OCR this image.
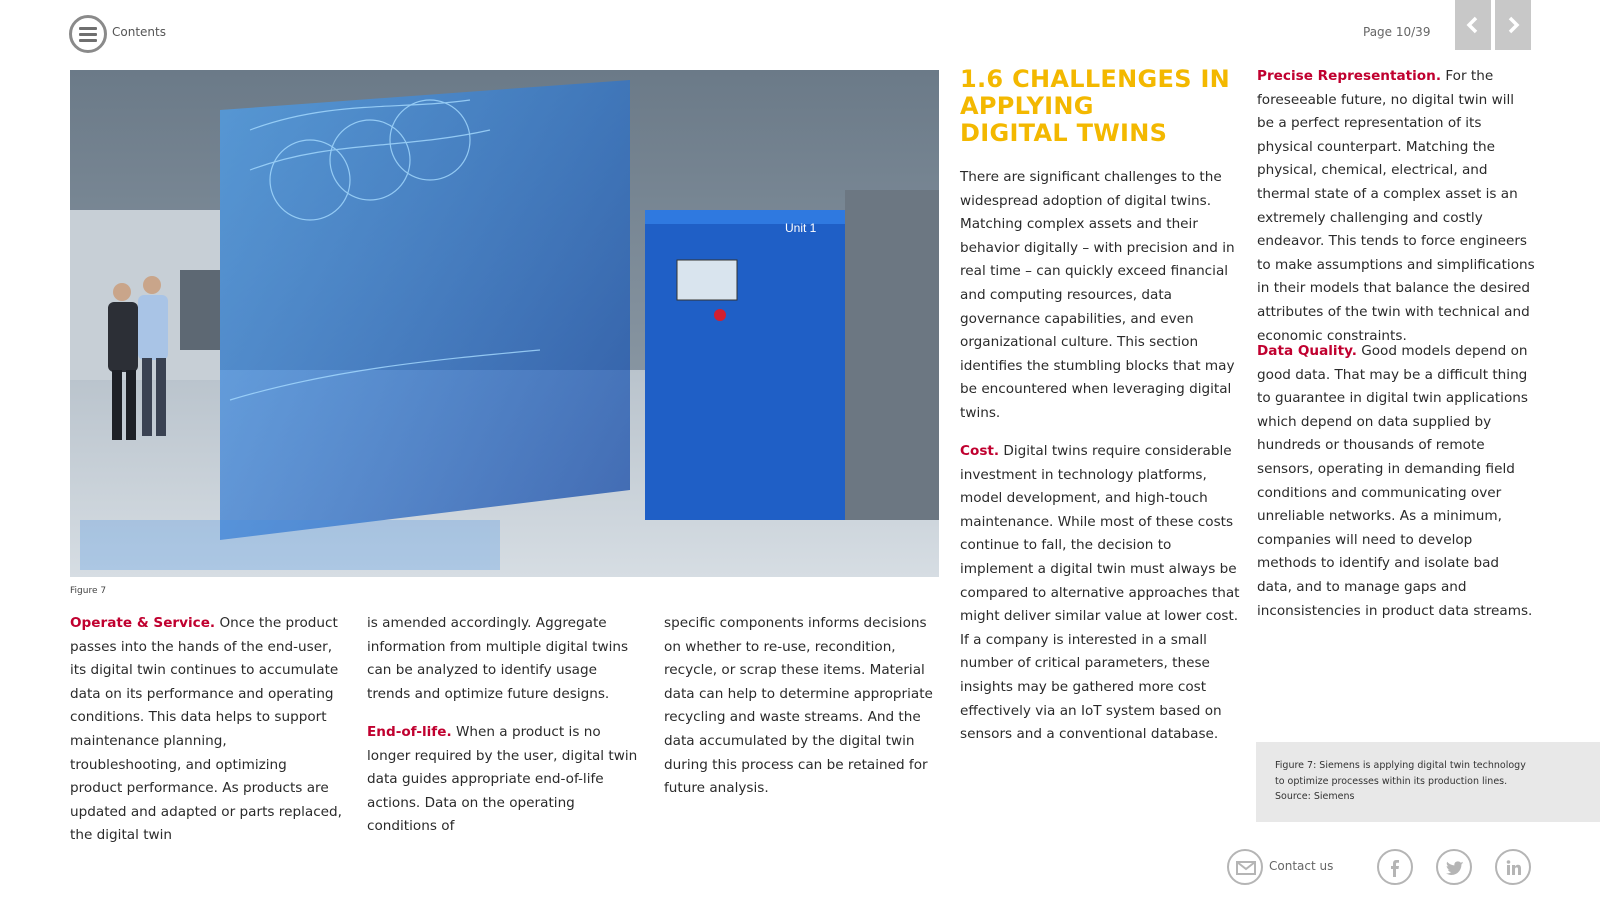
Contents	Page 10/39
Unit 1
Figure 7
Operate & Service. Once the product passes into the hands of the end-user, its digital twin continues to accumulate data on its performance and operating conditions. This data helps to support maintenance planning, troubleshooting, and optimizing product performance. As products are updated and adapted or parts replaced, the digital twin
is amended accordingly. Aggregate information from multiple digital twins can be analyzed to identify usage trends and optimize future designs.
End-of-life. When a product is no longer required by the user, digital twin data guides appropriate end-of-life actions. Data on the operating conditions of
specific components informs decisions on whether to re-use, recondition, recycle, or scrap these items. Material data can help to determine appropriate recycling and waste streams. And the data accumulated by the digital twin during this process can be retained for future analysis.
1.6 CHALLENGES IN
APPLYING
DIGITAL TWINS
There are significant challenges to the widespread adoption of digital twins. Matching complex assets and their behavior digitally – with precision and in real time – can quickly exceed financial and computing resources, data governance capabilities, and even organizational culture. This section identifies the stumbling blocks that may be encountered when leveraging digital twins.
Cost. Digital twins require considerable investment in technology platforms, model development, and high-touch maintenance. While most of these costs continue to fall, the decision to implement a digital twin must always be compared to alternative approaches that might deliver similar value at lower cost. If a company is interested in a small number of critical parameters, these insights may be gathered more cost effectively via an IoT system based on sensors and a conventional database.
Precise Representation. For the foreseeable future, no digital twin will be a perfect representation of its physical counterpart. Matching the physical, chemical, electrical, and thermal state of a complex asset is an extremely challenging and costly endeavor. This tends to force engineers to make assumptions and simplifications in their models that balance the desired attributes of the twin with technical and economic constraints.
Data Quality. Good models depend on good data. That may be a difficult thing to guarantee in digital twin applications which depend on data supplied by hundreds or thousands of remote sensors, operating in demanding field conditions and communicating over unreliable networks. As a minimum, companies will need to develop methods to identify and isolate bad data, and to manage gaps and inconsistencies in product data streams.
Figure 7: Siemens is applying digital twin technology to optimize processes within its production lines. Source: Siemens
Contact us
